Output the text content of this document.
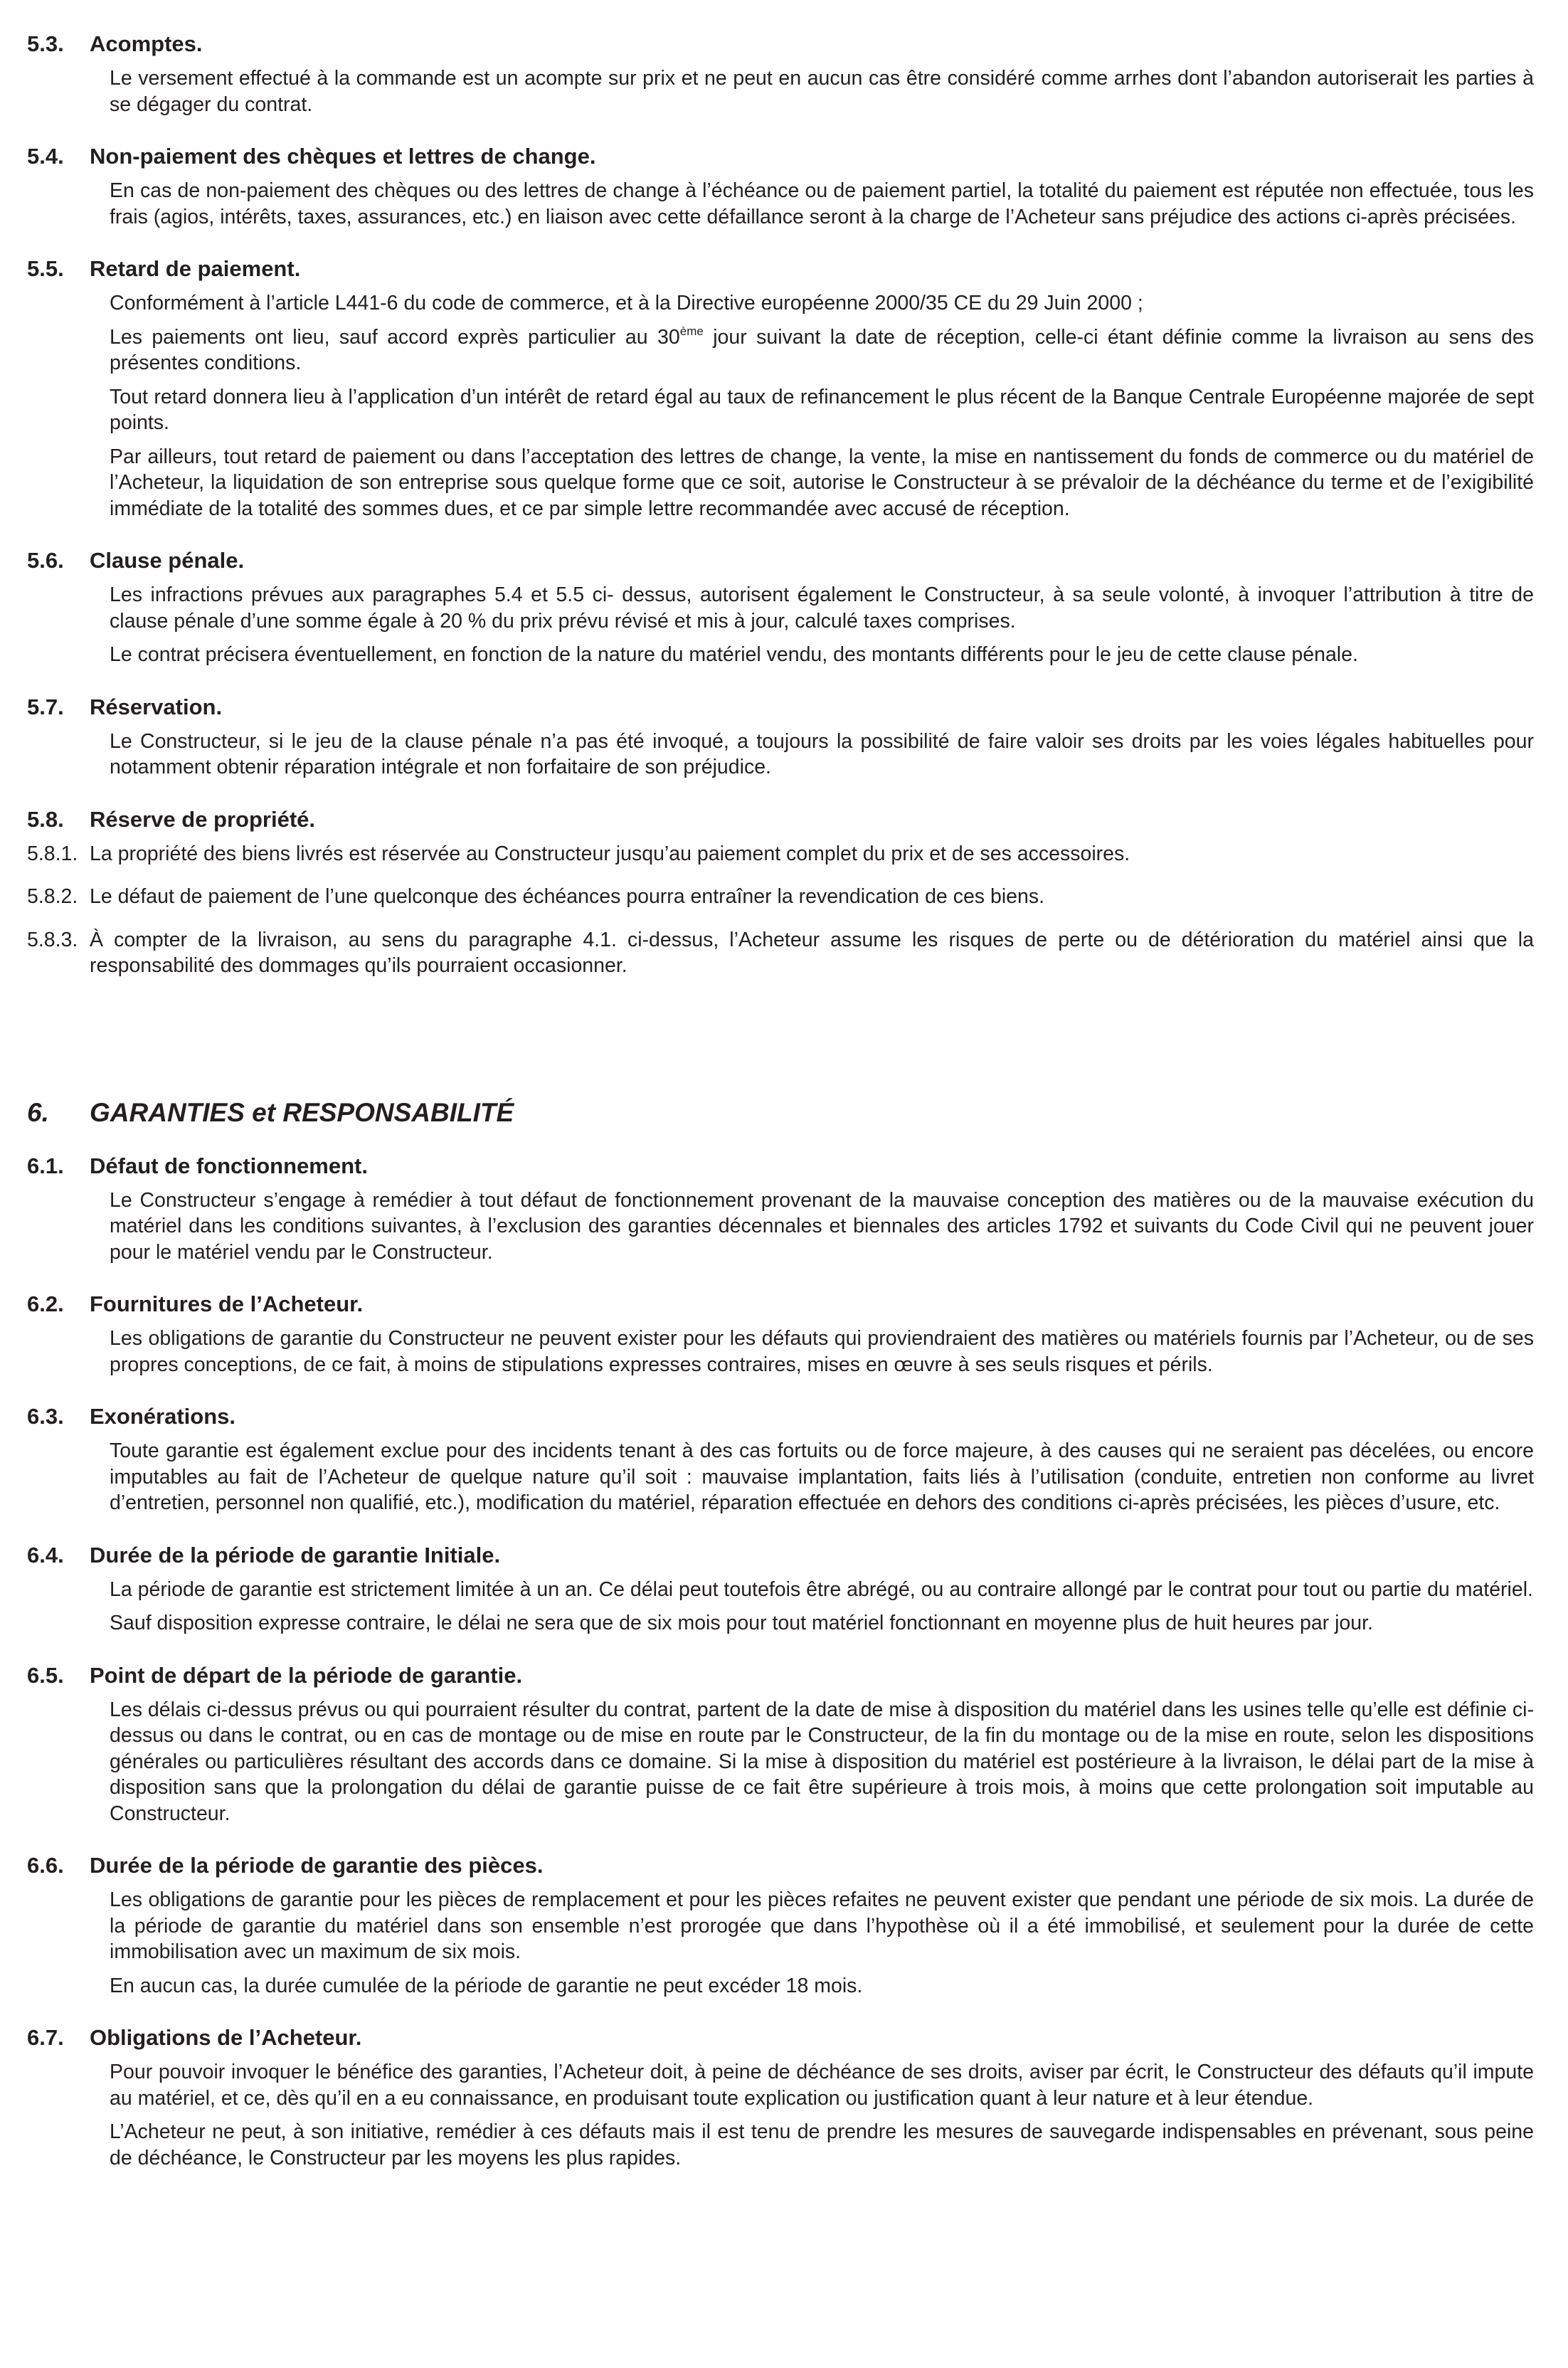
5.3.	Acomptes.

Le versement effectué à la commande est un acompte sur prix et ne peut en aucun cas être considéré comme arrhes dont l’abandon autoriserait les parties à se dégager du contrat.

5.4.	Non-paiement des chèques et lettres de change.

En cas de non-paiement des chèques ou des lettres de change à l’échéance ou de paiement partiel, la totalité du paiement est réputée non effectuée, tous les frais (agios, intérêts, taxes, assurances, etc.) en liaison avec cette défaillance seront à la charge de l’Acheteur sans préjudice des actions ci-après précisées.

5.5.	Retard de paiement.

Conformément à l’article L441-6 du code de commerce, et à la Directive européenne 2000/35 CE du 29 Juin 2000 ;

Les paiements ont lieu, sauf accord exprès particulier au 30ème jour suivant la date de réception, celle-ci étant définie comme la livraison au sens des présentes conditions.

Tout retard donnera lieu à l’application d’un intérêt de retard égal au taux de refinancement le plus récent de la Banque Centrale Européenne majorée de sept points.

Par ailleurs, tout retard de paiement ou dans l’acceptation des lettres de change, la vente, la mise en nantissement du fonds de commerce ou du matériel de l’Acheteur, la liquidation de son entreprise sous quelque forme que ce soit, autorise le Constructeur à se prévaloir de la déchéance du terme et de l’exigibilité immédiate de la totalité des sommes dues, et ce par simple lettre recommandée avec accusé de réception.

5.6.	Clause pénale.

Les infractions prévues aux paragraphes 5.4 et 5.5 ci- dessus, autorisent également le Constructeur, à sa seule volonté, à invoquer l’attribution à titre de clause pénale d’une somme égale à 20 % du prix prévu révisé et mis à jour, calculé taxes comprises.

Le contrat précisera éventuellement, en fonction de la nature du matériel vendu, des montants différents pour le jeu de cette clause pénale.

5.7.	Réservation.

Le Constructeur, si le jeu de la clause pénale n’a pas été invoqué, a toujours la possibilité de faire valoir ses droits par les voies légales habituelles pour notamment obtenir réparation intégrale et non forfaitaire de son préjudice.

5.8.	Réserve de propriété.
5.8.1. La propriété des biens livrés est réservée au Constructeur jusqu’au paiement complet du prix et de ses accessoires.
5.8.2. Le défaut de paiement de l’une quelconque des échéances pourra entraîner la revendication de ces biens.
5.8.3. À compter de la livraison, au sens du paragraphe 4.1. ci-dessus, l’Acheteur assume les risques de perte ou de détérioration du matériel ainsi que la responsabilité des dommages qu’ils pourraient occasionner.
6.	GARANTIES et RESPONSABILITÉ
6.1.	Défaut de fonctionnement.

Le Constructeur s’engage à remédier à tout défaut de fonctionnement provenant de la mauvaise conception des matières ou de la mauvaise exécution du matériel dans les conditions suivantes, à l’exclusion des garanties décennales et biennales des articles 1792 et suivants du Code Civil qui ne peuvent jouer pour le matériel vendu par le Constructeur.

6.2.	Fournitures de l’Acheteur.

Les obligations de garantie du Constructeur ne peuvent exister pour les défauts qui proviendraient des matières ou matériels fournis par l’Acheteur, ou de ses propres conceptions, de ce fait, à moins de stipulations expresses contraires, mises en œuvre à ses seuls risques et périls.

6.3.	Exonérations.

Toute garantie est également exclue pour des incidents tenant à des cas fortuits ou de force majeure, à des causes qui ne seraient pas décelées, ou encore imputables au fait de l’Acheteur de quelque nature qu’il soit : mauvaise implantation, faits liés à l’utilisation (conduite, entretien non conforme au livret d’entretien, personnel non qualifié, etc.), modification du matériel, réparation effectuée en dehors des conditions ci-après précisées, les pièces d’usure, etc.

6.4.	Durée de la période de garantie Initiale.

La période de garantie est strictement limitée à un an. Ce délai peut toutefois être abrégé, ou au contraire allongé par le contrat pour tout ou partie du matériel.

Sauf disposition expresse contraire, le délai ne sera que de six mois pour tout matériel fonctionnant en moyenne plus de huit heures par jour.

6.5.	Point de départ de la période de garantie.

Les délais ci-dessus prévus ou qui pourraient résulter du contrat, partent de la date de mise à disposition du matériel dans les usines telle qu’elle est définie ci-dessus ou dans le contrat, ou en cas de montage ou de mise en route par le Constructeur, de la fin du montage ou de la mise en route, selon les dispositions générales ou particulières résultant des accords dans ce domaine. Si la mise à disposition du matériel est postérieure à la livraison, le délai part de la mise à disposition sans que la prolongation du délai de garantie puisse de ce fait être supérieure à trois mois, à moins que cette prolongation soit imputable au Constructeur.

6.6.	Durée de la période de garantie des pièces.

Les obligations de garantie pour les pièces de remplacement et pour les pièces refaites ne peuvent exister que pendant une période de six mois. La durée de la période de garantie du matériel dans son ensemble n’est prorogée que dans l’hypothèse où il a été immobilisé, et seulement pour la durée de cette immobilisation avec un maximum de six mois.

En aucun cas, la durée cumulée de la période de garantie ne peut excéder 18 mois.

6.7.	Obligations de l’Acheteur.

Pour pouvoir invoquer le bénéfice des garanties, l’Acheteur doit, à peine de déchéance de ses droits, aviser par écrit, le Constructeur des défauts qu’il impute au matériel, et ce, dès qu’il en a eu connaissance, en produisant toute explication ou justification quant à leur nature et à leur étendue.

L’Acheteur ne peut, à son initiative, remédier à ces défauts mais il est tenu de prendre les mesures de sauvegarde indispensables en prévenant, sous peine de déchéance, le Constructeur par les moyens les plus rapides.
